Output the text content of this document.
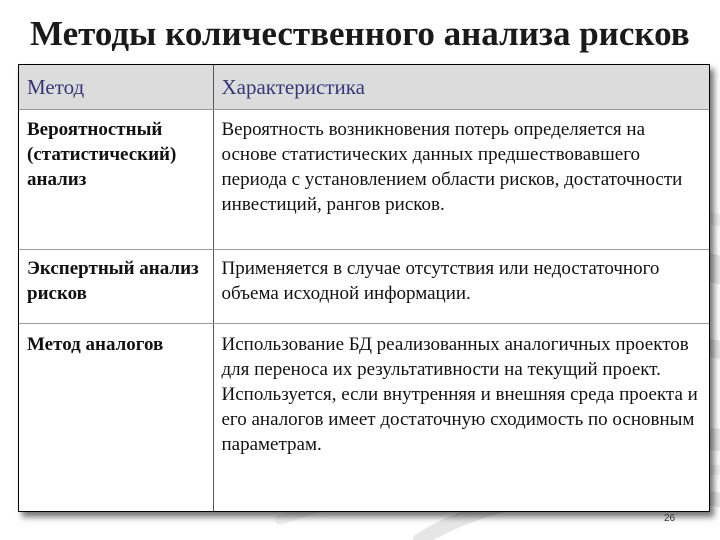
Методы количественного анализа рисков
Метод	Характеристика
Вероятностный (статистический) анализ	Вероятность возникновения потерь определяется на основе статистических данных предшествовавшего периода с установлением области рисков, достаточности инвестиций, рангов рисков.
Экспертный анализ рисков	Применяется в случае отсутствия или недостаточного объема исходной информации.
Метод аналогов	Использование БД реализованных аналогичных проектов для переноса их результативности на текущий проект. Используется, если внутренняя и внешняя среда проекта и его аналогов имеет достаточную сходимость по основным параметрам.
26
